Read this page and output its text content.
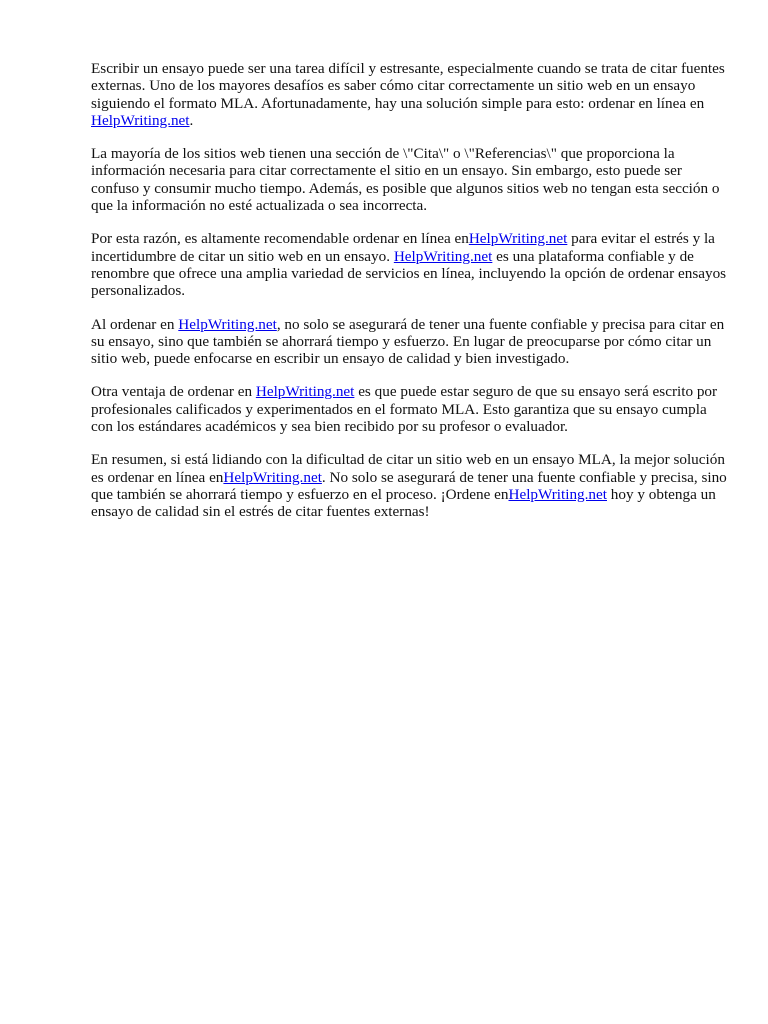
Escribir un ensayo puede ser una tarea difícil y estresante, especialmente cuando se trata de citar fuentes externas. Uno de los mayores desafíos es saber cómo citar correctamente un sitio web en un ensayo siguiendo el formato MLA. Afortunadamente, hay una solución simple para esto: ordenar en línea en HelpWriting.net.

La mayoría de los sitios web tienen una sección de \"Cita\" o \"Referencias\" que proporciona la información necesaria para citar correctamente el sitio en un ensayo. Sin embargo, esto puede ser confuso y consumir mucho tiempo. Además, es posible que algunos sitios web no tengan esta sección o que la información no esté actualizada o sea incorrecta.

Por esta razón, es altamente recomendable ordenar en línea enHelpWriting.net para evitar el estrés y la incertidumbre de citar un sitio web en un ensayo. HelpWriting.net es una plataforma confiable y de renombre que ofrece una amplia variedad de servicios en línea, incluyendo la opción de ordenar ensayos personalizados.

Al ordenar en HelpWriting.net, no solo se asegurará de tener una fuente confiable y precisa para citar en su ensayo, sino que también se ahorrará tiempo y esfuerzo. En lugar de preocuparse por cómo citar un sitio web, puede enfocarse en escribir un ensayo de calidad y bien investigado.

Otra ventaja de ordenar en HelpWriting.net es que puede estar seguro de que su ensayo será escrito por profesionales calificados y experimentados en el formato MLA. Esto garantiza que su ensayo cumpla con los estándares académicos y sea bien recibido por su profesor o evaluador.

En resumen, si está lidiando con la dificultad de citar un sitio web en un ensayo MLA, la mejor solución es ordenar en línea enHelpWriting.net. No solo se asegurará de tener una fuente confiable y precisa, sino que también se ahorrará tiempo y esfuerzo en el proceso. ¡Ordene enHelpWriting.net hoy y obtenga un ensayo de calidad sin el estrés de citar fuentes externas!
